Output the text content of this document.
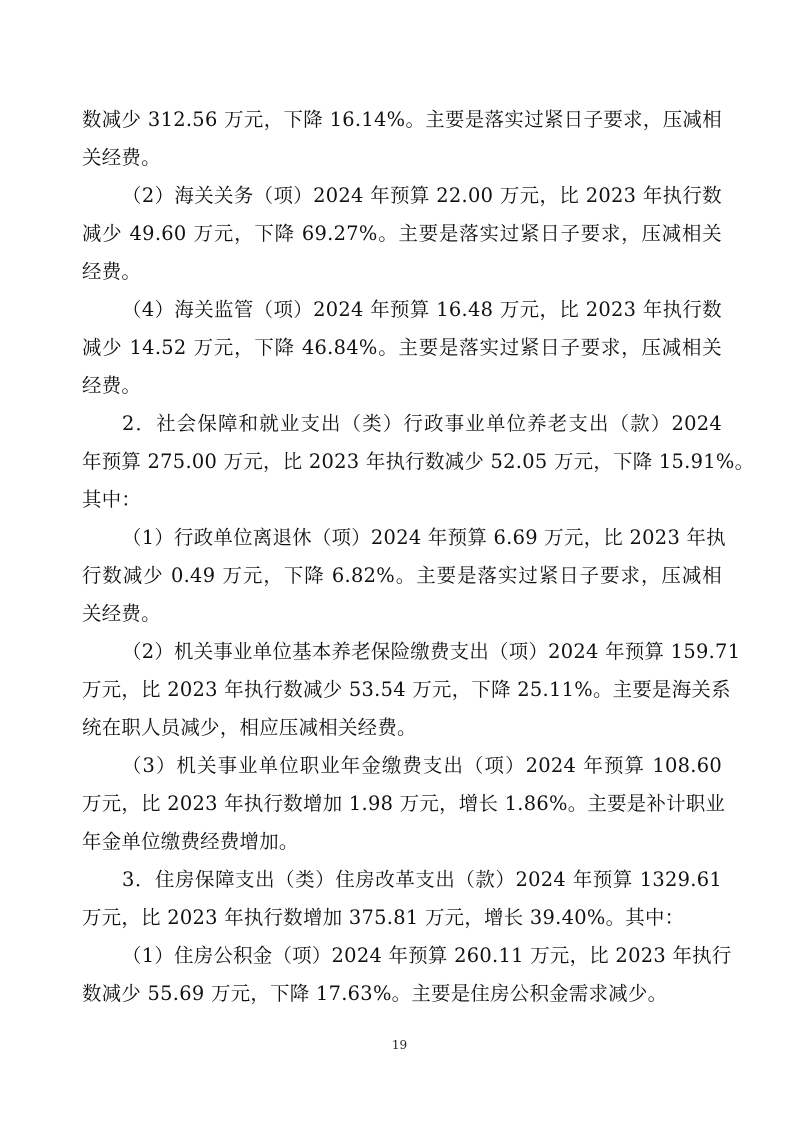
数减少 312.56 万元，下降 16.14%。主要是落实过紧日子要求，压减相
关经费。
（2）海关关务（项）2024 年预算 22.00 万元，比 2023 年执行数
减少 49.60 万元，下降 69.27%。主要是落实过紧日子要求，压减相关
经费。
（4）海关监管（项）2024 年预算 16.48 万元，比 2023 年执行数
减少 14.52 万元，下降 46.84%。主要是落实过紧日子要求，压减相关
经费。
2．社会保障和就业支出（类）行政事业单位养老支出（款）2024
年预算 275.00 万元，比 2023 年执行数减少 52.05 万元，下降 15.91%。
其中：
（1）行政单位离退休（项）2024 年预算 6.69 万元，比 2023 年执
行数减少 0.49 万元，下降 6.82%。主要是落实过紧日子要求，压减相
关经费。
（2）机关事业单位基本养老保险缴费支出（项）2024 年预算 159.71
万元，比 2023 年执行数减少 53.54 万元，下降 25.11%。主要是海关系
统在职人员减少，相应压减相关经费。
（3）机关事业单位职业年金缴费支出（项）2024 年预算 108.60
万元，比 2023 年执行数增加 1.98 万元，增长 1.86%。主要是补计职业
年金单位缴费经费增加。
3．住房保障支出（类）住房改革支出（款）2024 年预算 1329.61
万元，比 2023 年执行数增加 375.81 万元，增长 39.40%。其中：
（1）住房公积金（项）2024 年预算 260.11 万元，比 2023 年执行
数减少 55.69 万元，下降 17.63%。主要是住房公积金需求减少。
19
